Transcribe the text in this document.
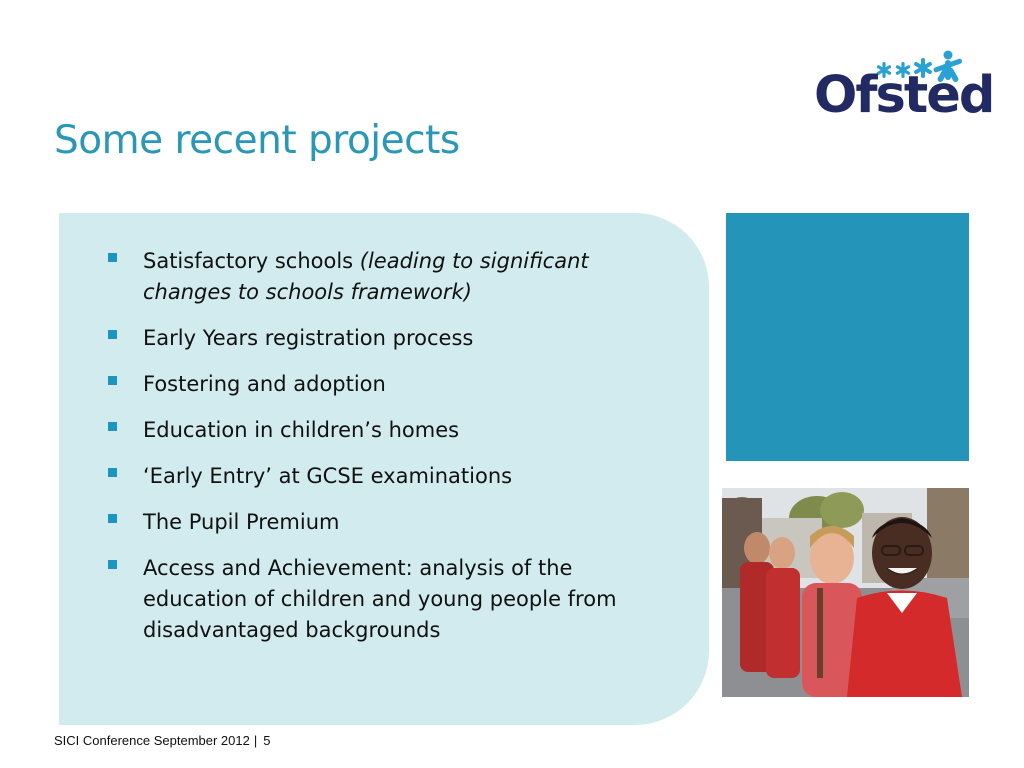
Some recent projects
Ofsted
Satisfactory schools (leading to significant changes to schools framework)
Early Years registration process
Fostering and adoption
Education in children’s homes
‘Early Entry’ at GCSE examinations
The Pupil Premium
Access and Achievement: analysis of the education of children and young people from disadvantaged backgrounds
SICI Conference September 2012 | 5
